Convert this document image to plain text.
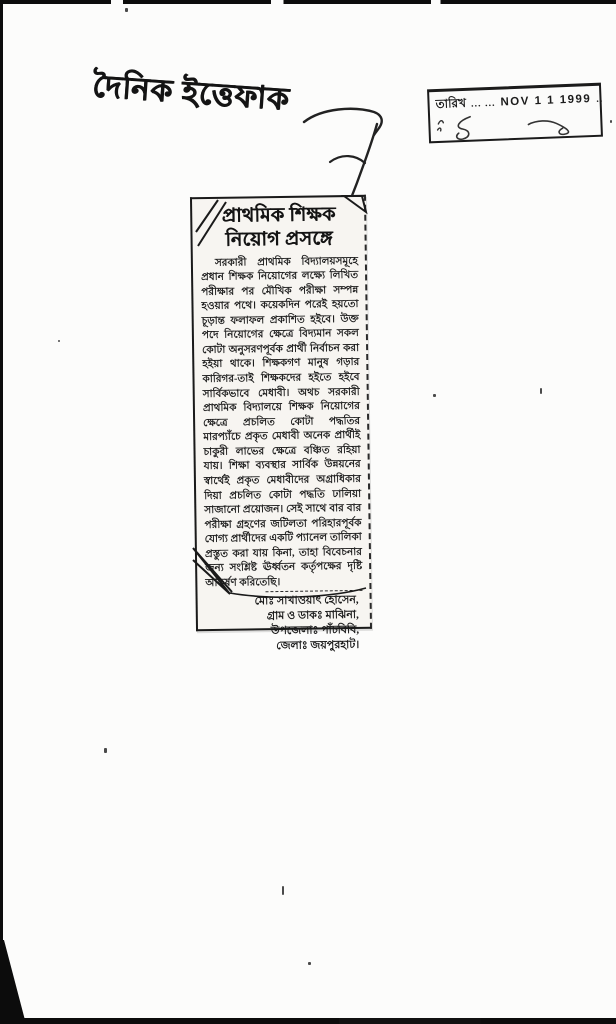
দৈনিক ইত্তেফাক	তারিখ ... ... NOV 1 1 1999 ..
প্রাথমিক শিক্ষক
নিয়োগ প্রসঙ্গে
সরকারী প্রাথমিক বিদ্যালয়সমূহে প্রধান শিক্ষক নিয়োগের লক্ষ্যে লিখিত পরীক্ষার পর মৌখিক পরীক্ষা সম্পন্ন হওয়ার পথে। কয়েকদিন পরেই হয়তো চূড়ান্ত ফলাফল প্রকাশিত হইবে। উক্ত পদে নিয়োগের ক্ষেত্রে বিদ্যমান সকল কোটা অনুসরণপূর্বক প্রার্থী নির্বাচন করা হইয়া থাকে। শিক্ষকগণ মানুষ গড়ার কারিগর-তাই শিক্ষকদের হইতে হইবে সার্বিকভাবে মেধাবী। অথচ সরকারী প্রাথমিক বিদ্যালয়ে শিক্ষক নিয়োগের ক্ষেত্রে প্রচলিত কোটা পদ্ধতির মারপ্যাঁচে প্রকৃত মেধাবী অনেক প্রার্থীই চাকুরী লাভের ক্ষেত্রে বঞ্চিত রহিয়া যায়। শিক্ষা ব্যবস্থার সার্বিক উন্নয়নের স্বার্থেই প্রকৃত মেধাবীদের অগ্রাধিকার দিয়া প্রচলিত কোটা পদ্ধতি ঢালিয়া সাজানো প্রয়োজন। সেই সাথে বার বার পরীক্ষা গ্রহণের জটিলতা পরিহারপূর্বক যোগ্য প্রার্থীদের একটি প্যানেল তালিকা প্রস্তুত করা যায় কিনা, তাহা বিবেচনার জন্য সংশ্লিষ্ট ঊর্ধ্বতন কর্তৃপক্ষের দৃষ্টি আকর্ষণ করিতেছি।
মোঃ সাখাওয়াৎ হোসেন,
গ্রাম ও ডাকঃ মাঝিনা,
উপজেলাঃ পাঁচবিবি,
জেলাঃ জয়পুরহাট।
